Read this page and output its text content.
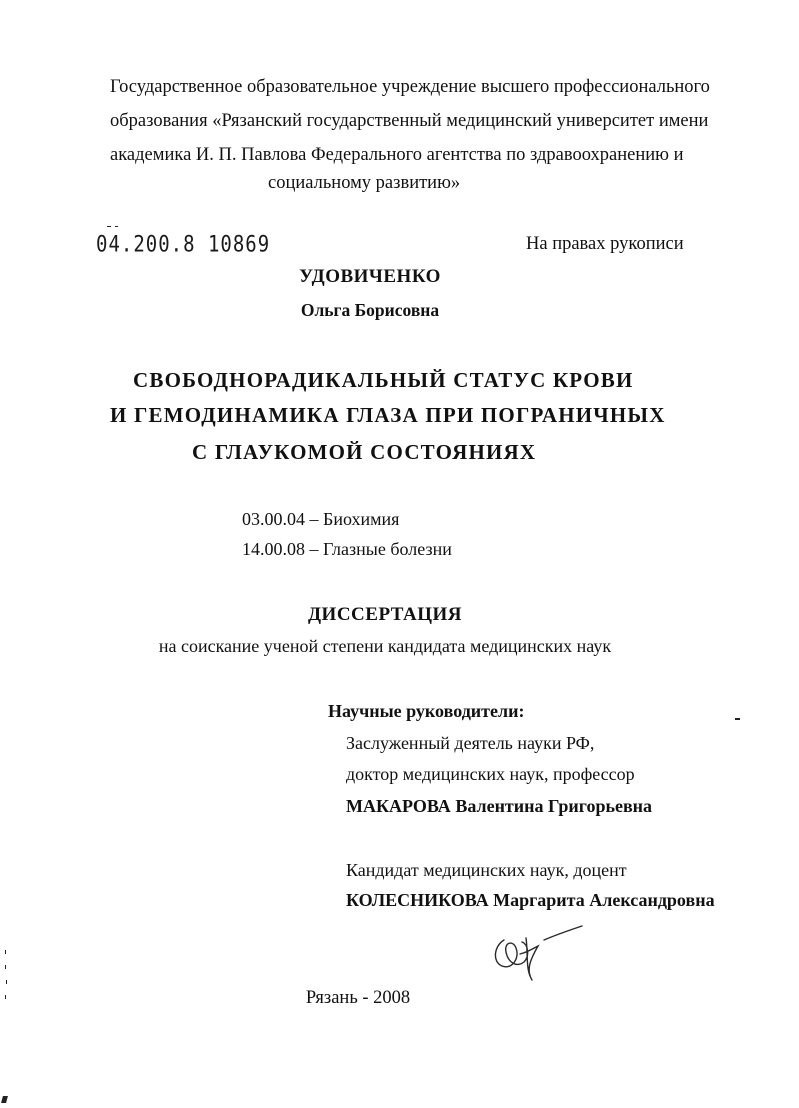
Государственное образовательное учреждение высшего профессионального
образования «Рязанский государственный медицинский университет имени
академика И. П. Павлова Федерального агентства по здравоохранению и
социальному развитию»
04.200.8 10869	На правах рукописи
УДОВИЧЕНКО
Ольга Борисовна
СВОБОДНОРАДИКАЛЬНЫЙ СТАТУС КРОВИ
И ГЕМОДИНАМИКА ГЛАЗА ПРИ ПОГРАНИЧНЫХ
С ГЛАУКОМОЙ СОСТОЯНИЯХ
03.00.04 – Биохимия
14.00.08 – Глазные болезни
ДИССЕРТАЦИЯ
на соискание ученой степени кандидата медицинских наук
Научные руководители:
Заслуженный деятель науки РФ,
доктор медицинских наук, профессор
МАКАРОВА Валентина Григорьевна
Кандидат медицинских наук, доцент
КОЛЕСНИКОВА Маргарита Александровна
Рязань - 2008
